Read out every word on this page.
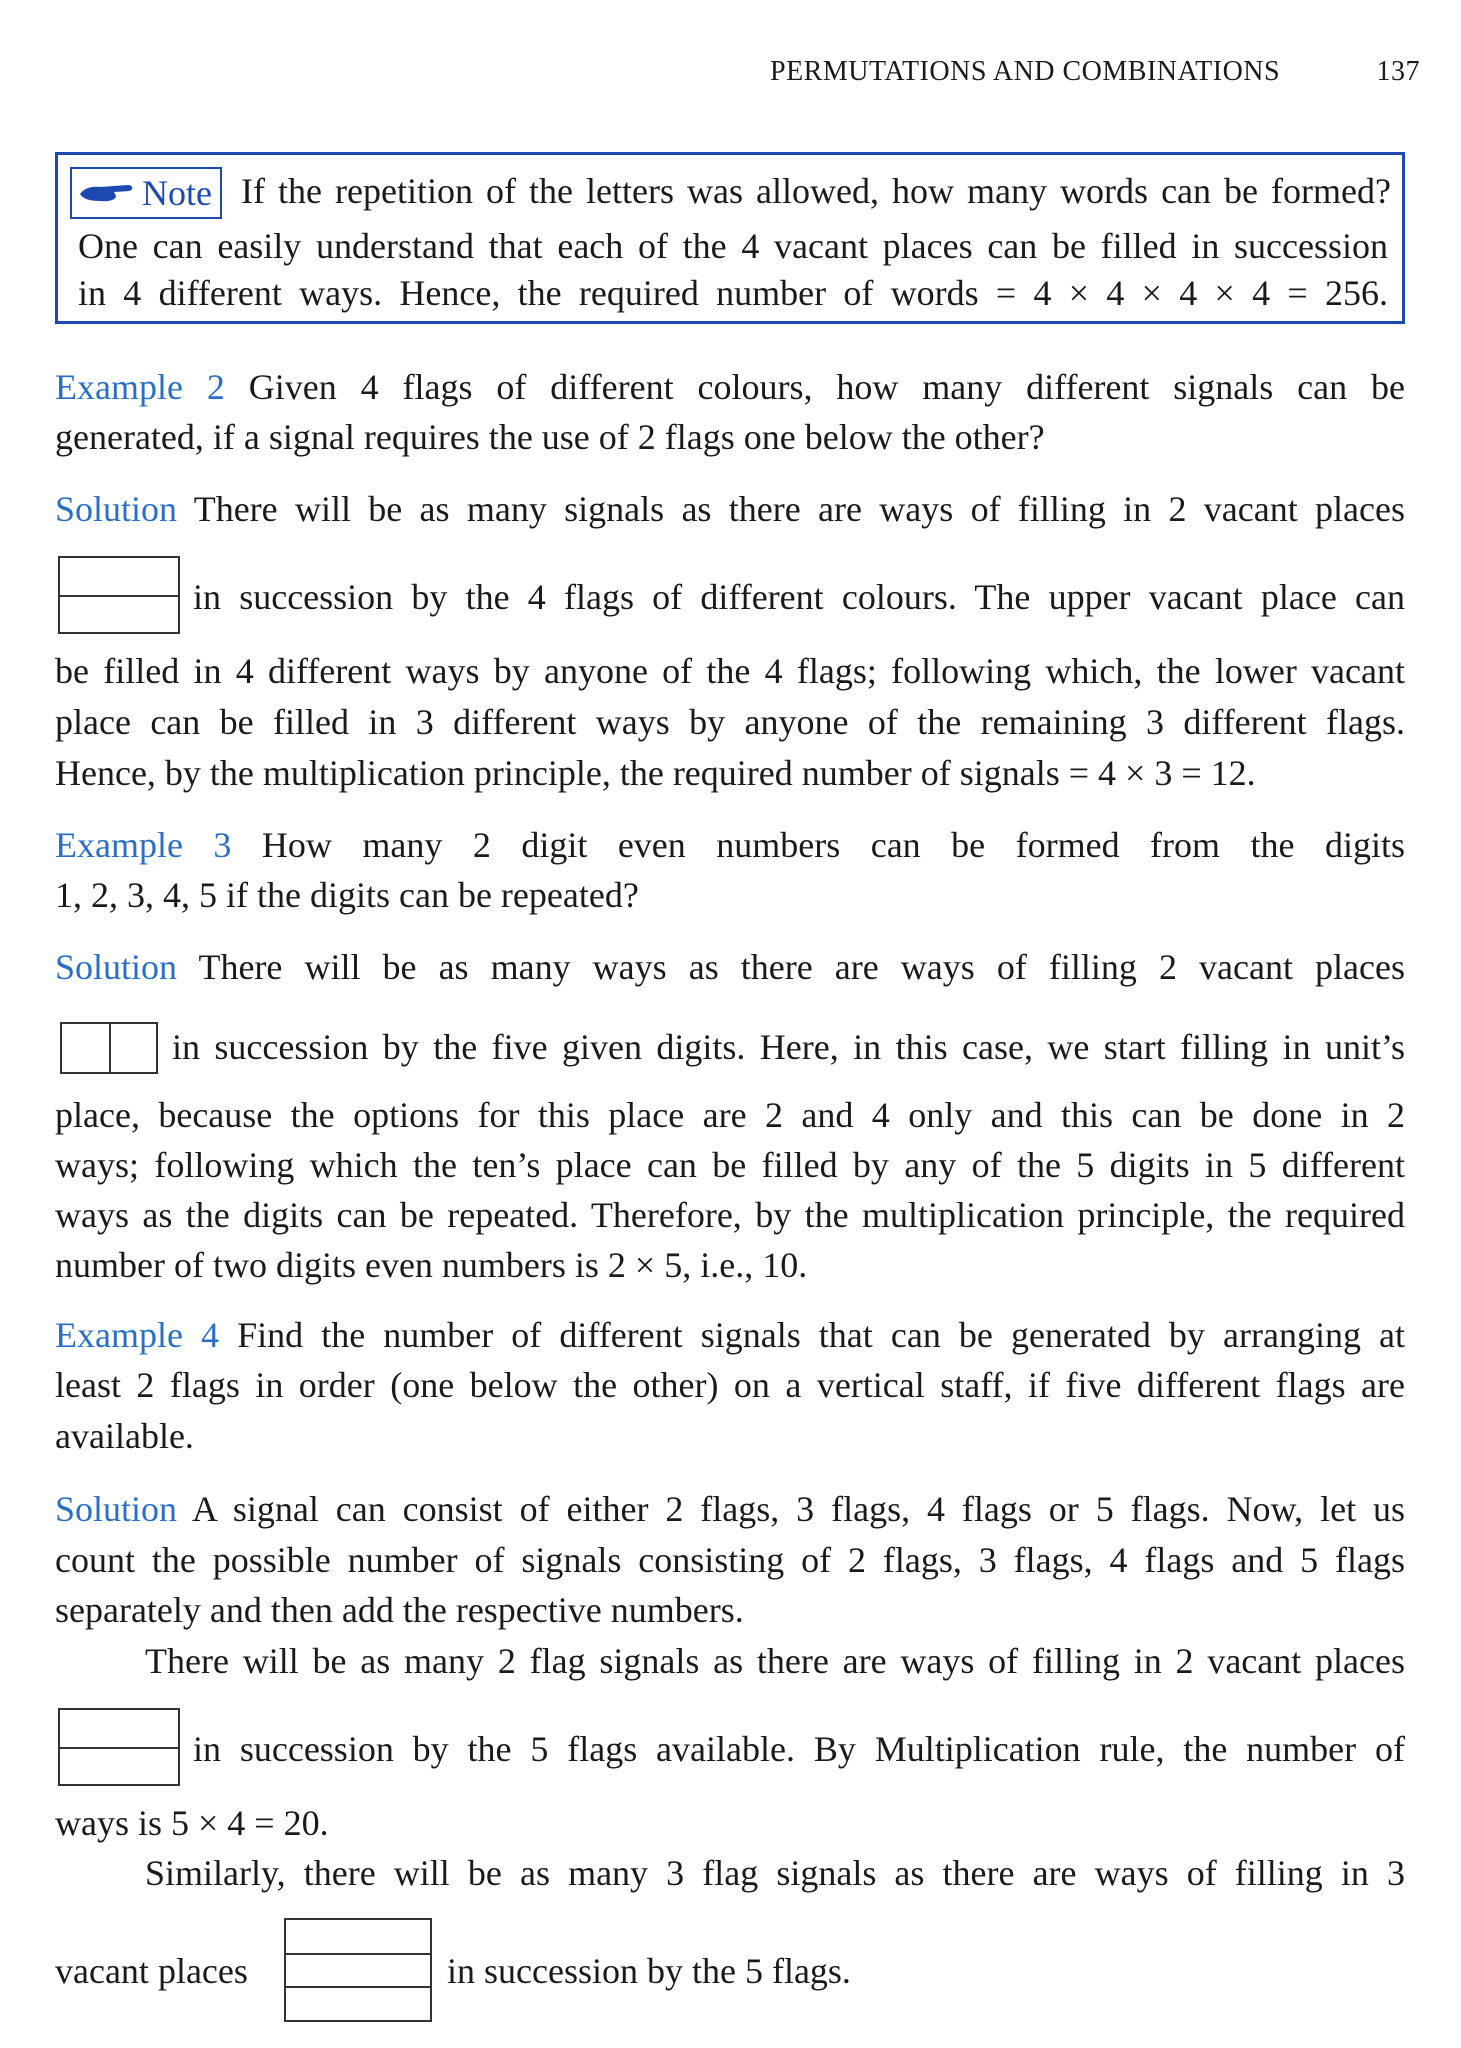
PERMUTATIONS AND COMBINATIONS	137
Note If the repetition of the letters was allowed, how many words can be formed?
One can easily understand that each of the 4 vacant places can be filled in succession
in 4 different ways. Hence, the required number of words = 4 × 4 × 4 × 4 = 256.
Example 2 Given 4 flags of different colours, how many different signals can be
generated, if a signal requires the use of 2 flags one below the other?
Solution There will be as many signals as there are ways of filling in 2 vacant places
in succession by the 4 flags of different colours. The upper vacant place can
be filled in 4 different ways by anyone of the 4 flags; following which, the lower vacant
place can be filled in 3 different ways by anyone of the remaining 3 different flags.
Hence, by the multiplication principle, the required number of signals = 4 × 3 = 12.
Example 3 How many 2 digit even numbers can be formed from the digits
1, 2, 3, 4, 5 if the digits can be repeated?
Solution There will be as many ways as there are ways of filling 2 vacant places
in succession by the five given digits. Here, in this case, we start filling in unit’s
place, because the options for this place are 2 and 4 only and this can be done in 2
ways; following which the ten’s place can be filled by any of the 5 digits in 5 different
ways as the digits can be repeated. Therefore, by the multiplication principle, the required
number of two digits even numbers is 2 × 5, i.e., 10.
Example 4 Find the number of different signals that can be generated by arranging at
least 2 flags in order (one below the other) on a vertical staff, if five different flags are
available.
Solution A signal can consist of either 2 flags, 3 flags, 4 flags or 5 flags. Now, let us
count the possible number of signals consisting of 2 flags, 3 flags, 4 flags and 5 flags
separately and then add the respective numbers.
There will be as many 2 flag signals as there are ways of filling in 2 vacant places
in succession by the 5 flags available. By Multiplication rule, the number of
ways is 5 × 4 = 20.
Similarly, there will be as many 3 flag signals as there are ways of filling in 3
vacant places	in succession by the 5 flags.
